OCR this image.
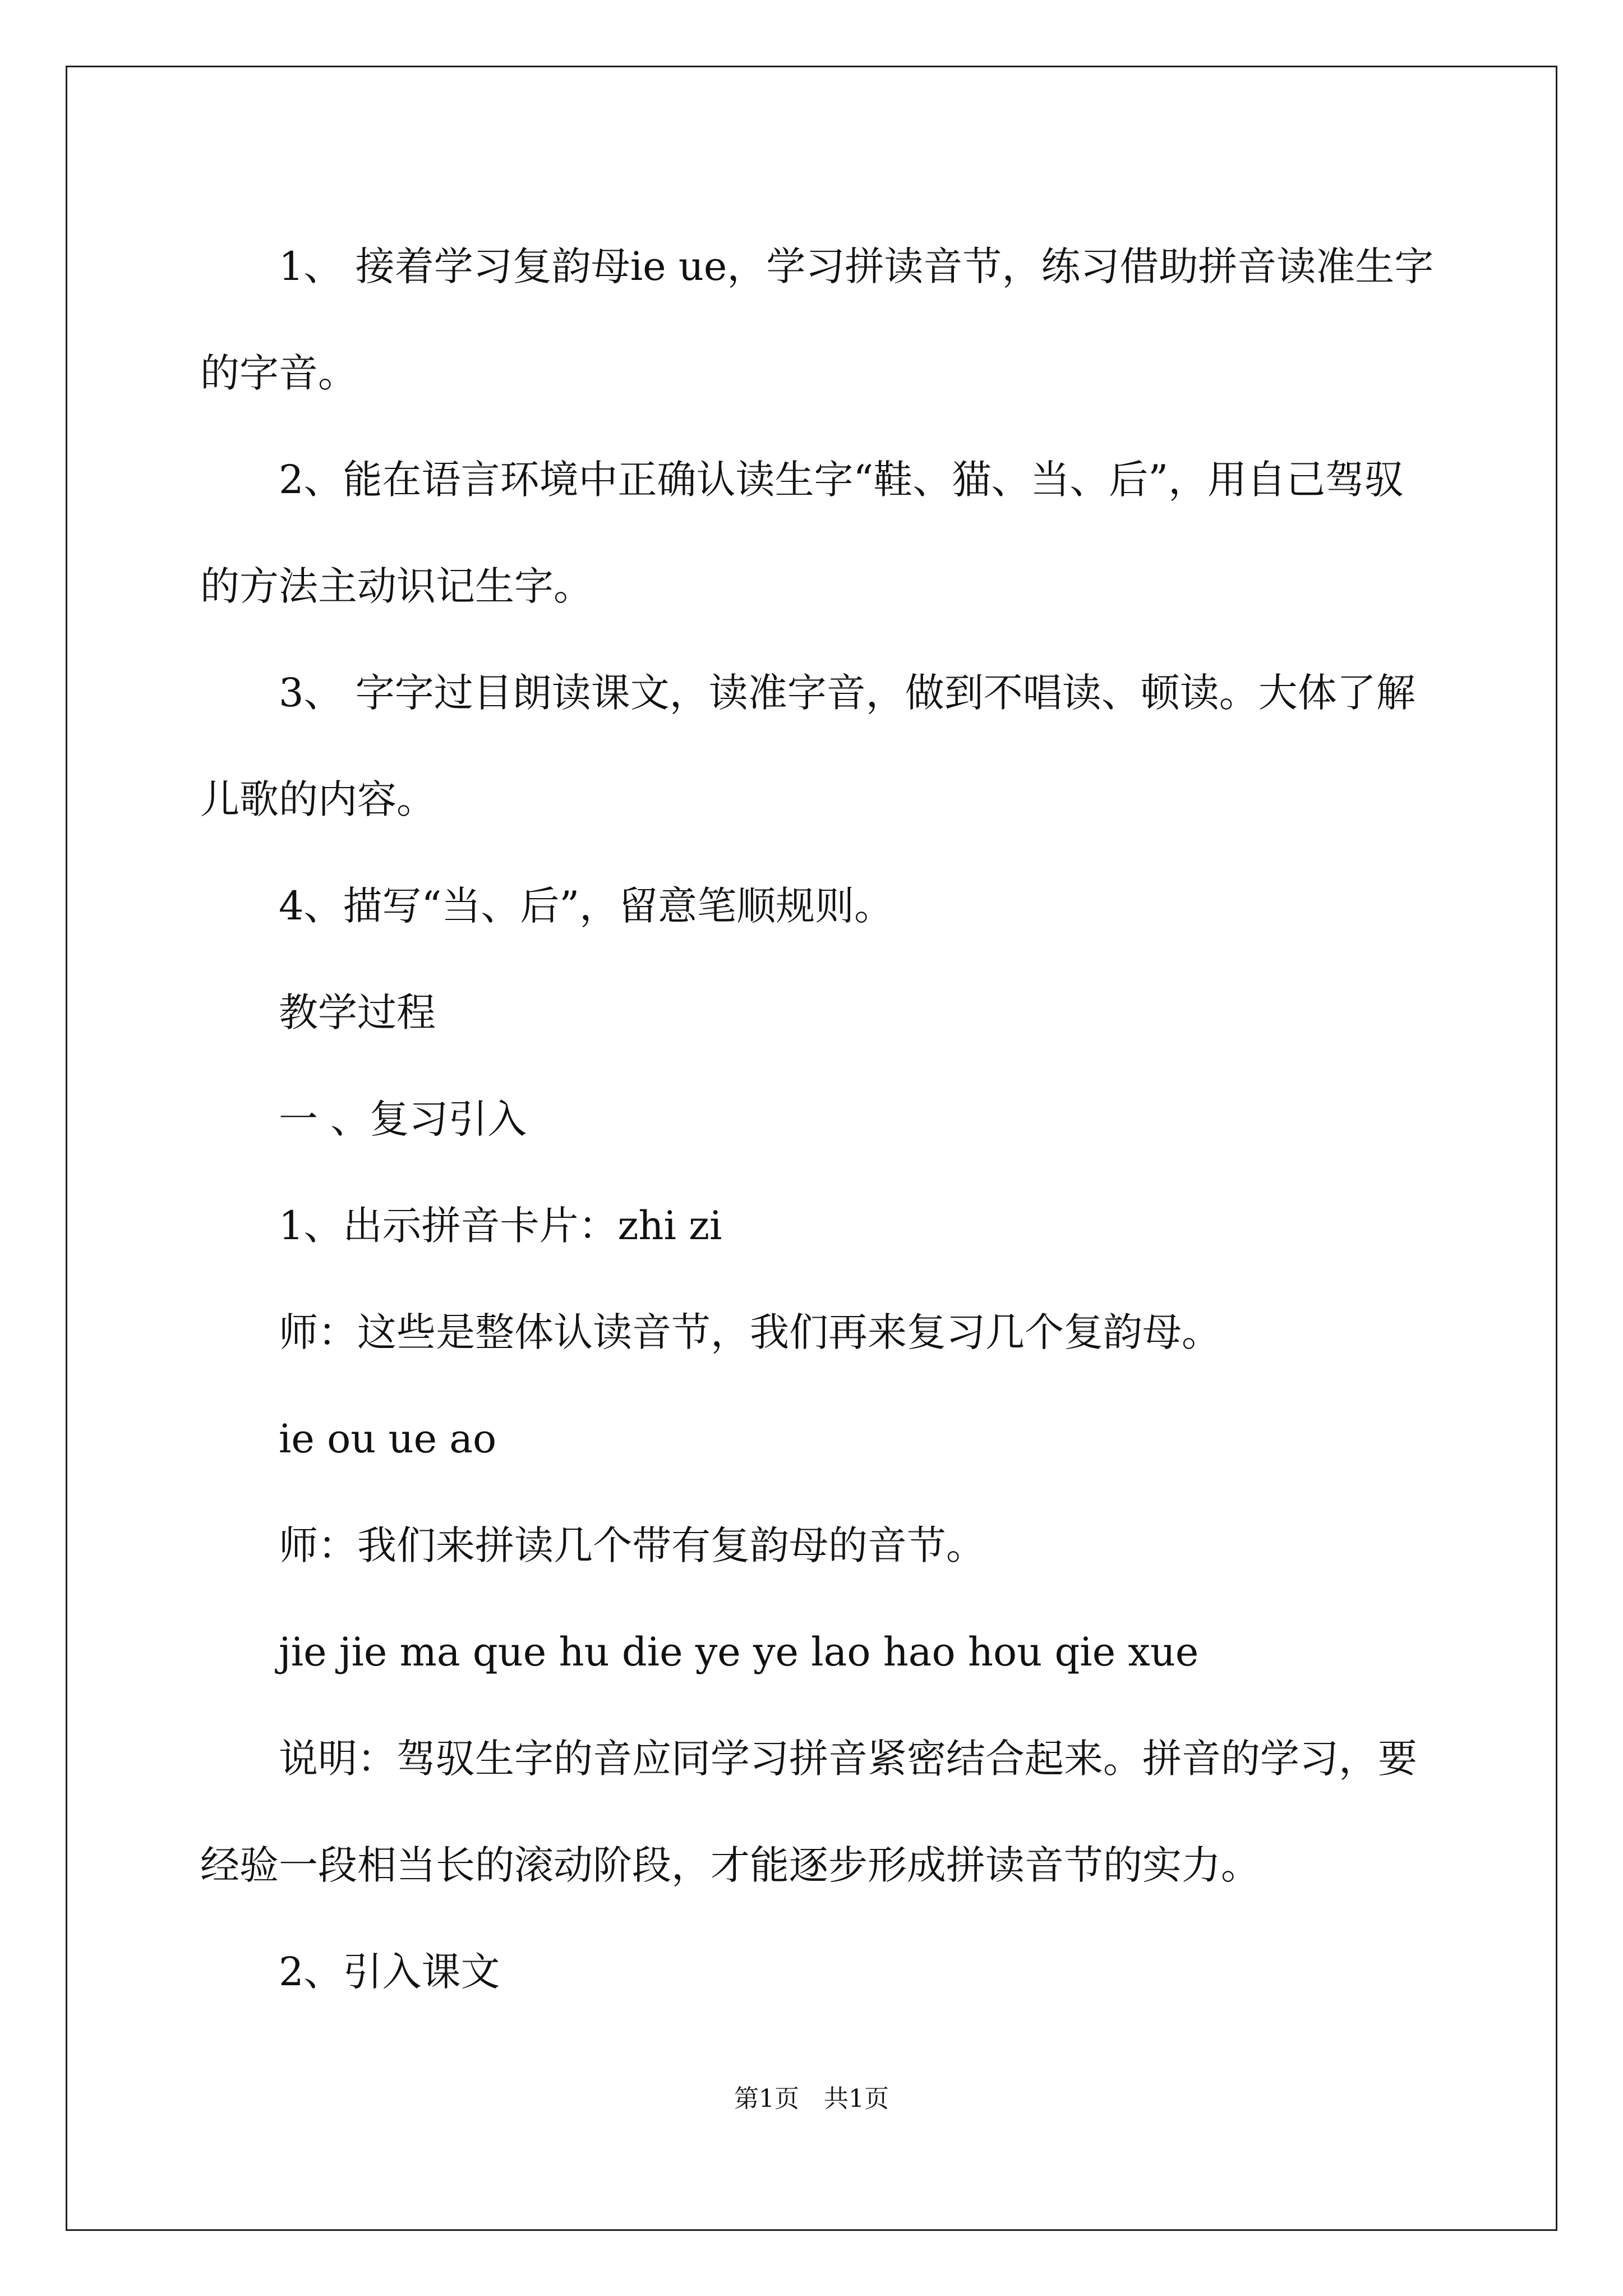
1、 接着学习复韵母ie ue，学习拼读音节，练习借助拼音读准生字的字音。

2、能在语言环境中正确认读生字“鞋、猫、当、后”，用自己驾驭的方法主动识记生字。

3、 字字过目朗读课文，读准字音，做到不唱读、顿读。大体了解儿歌的内容。

4、描写“当、后”，留意笔顺规则。

教学过程

一 、复习引入

1、出示拼音卡片：zhi zi

师：这些是整体认读音节，我们再来复习几个复韵母。

ie ou ue ao

师：我们来拼读几个带有复韵母的音节。

jie jie ma que hu die ye ye lao hao hou qie xue

说明：驾驭生字的音应同学习拼音紧密结合起来。拼音的学习，要经验一段相当长的滚动阶段，才能逐步形成拼读音节的实力。

2、引入课文

第1页 共1页
